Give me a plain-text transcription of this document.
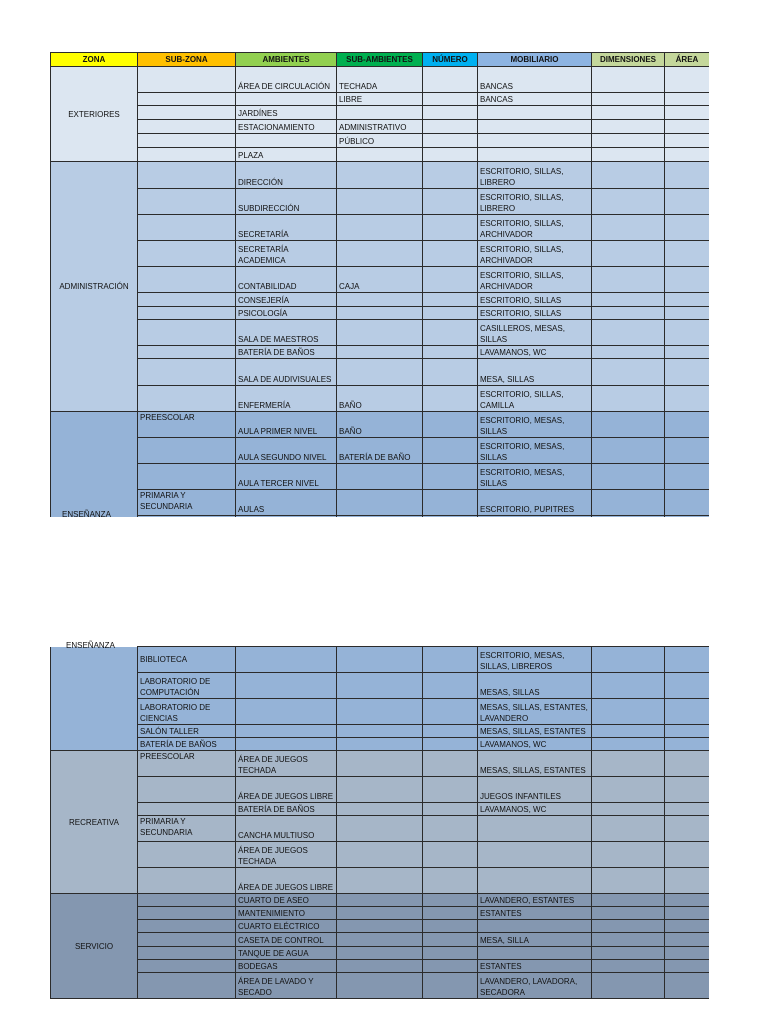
ZONA	SUB-ZONA	AMBIENTES	SUB-AMBIENTES	NÚMERO	MOBILIARIO	DIMENSIONES	ÁREA
EXTERIORES		ÁREA DE CIRCULACIÓN	TECHADA		BANCAS		
			LIBRE		BANCAS		
		JARDÍNES					
		ESTACIONAMIENTO	ADMINISTRATIVO				
			PÚBLICO				
		PLAZA					
ADMINISTRACIÓN		DIRECCIÓN			ESCRITORIO, SILLAS, LIBRERO		
		SUBDIRECCIÓN			ESCRITORIO, SILLAS, LIBRERO		
		SECRETARÍA			ESCRITORIO, SILLAS, ARCHIVADOR		
		SECRETARÍA ACADEMICA			ESCRITORIO, SILLAS, ARCHIVADOR		
		CONTABILIDAD	CAJA		ESCRITORIO, SILLAS, ARCHIVADOR		
		CONSEJERÍA			ESCRITORIO, SILLAS		
		PSICOLOGÍA			ESCRITORIO, SILLAS		
		SALA DE MAESTROS			CASILLEROS, MESAS, SILLAS		
		BATERÍA DE BAÑOS			LAVAMANOS, WC		
		SALA DE AUDIVISUALES			MESA, SILLAS		
		ENFERMERÍA	BAÑO		ESCRITORIO, SILLAS, CAMILLA		
	PREESCOLAR	AULA PRIMER NIVEL	BAÑO		ESCRITORIO, MESAS, SILLAS		
		AULA SEGUNDO NIVEL	BATERÍA DE BAÑO		ESCRITORIO, MESAS, SILLAS		
		AULA TERCER NIVEL			ESCRITORIO, MESAS, SILLAS		
	PRIMARIA Y SECUNDARIA	AULAS			ESCRITORIO, PUPITRES		

ENSEÑANZA
ENSEÑANZA
	BIBLIOTECA				ESCRITORIO, MESAS, SILLAS, LIBREROS		
	LABORATORIO DE COMPUTACIÓN				MESAS, SILLAS		
	LABORATORIO DE CIENCIAS				MESAS, SILLAS, ESTANTES, LAVANDERO		
	SALÓN TALLER				MESAS, SILLAS, ESTANTES		
	BATERÍA DE BAÑOS				LAVAMANOS, WC		
RECREATIVA	PREESCOLAR	ÁREA DE JUEGOS TECHADA			MESAS, SILLAS, ESTANTES		
		ÁREA DE JUEGOS LIBRE			JUEGOS INFANTILES		
		BATERÍA DE BAÑOS			LAVAMANOS, WC		
	PRIMARIA Y SECUNDARIA	CANCHA MULTIUSO					
		ÁREA DE JUEGOS TECHADA					
		ÁREA DE JUEGOS LIBRE					
SERVICIO		CUARTO DE ASEO			LAVANDERO, ESTANTES		
		MANTENIMIENTO			ESTANTES		
		CUARTO ELÉCTRICO					
		CASETA DE CONTROL			MESA, SILLA		
		TANQUE DE AGUA					
		BODEGAS			ESTANTES		
		ÁREA DE LAVADO Y SECADO			LAVANDERO, LAVADORA, SECADORA		
